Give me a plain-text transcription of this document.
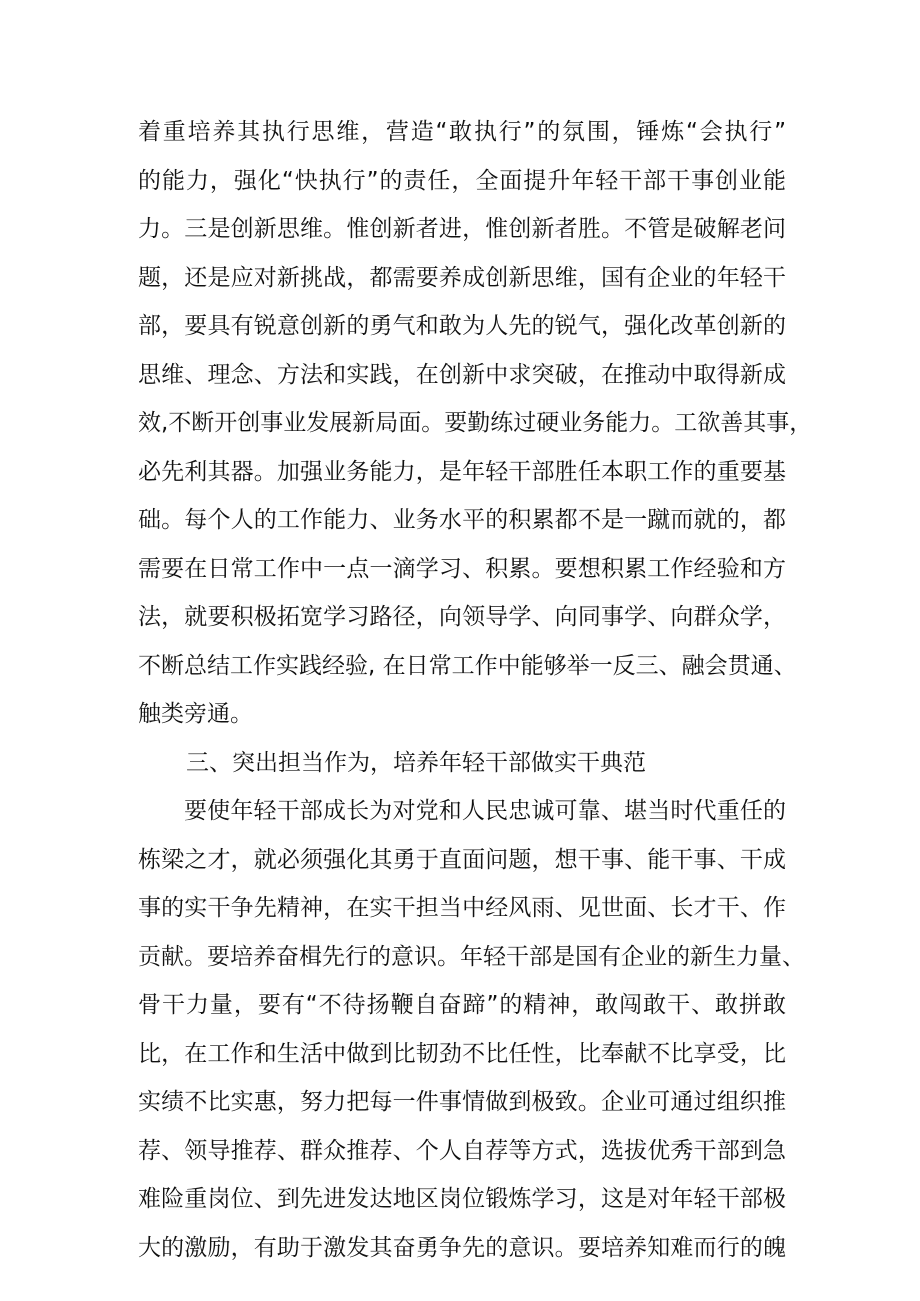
着重培养其执行思维，营造“敢执行”的氛围，锤炼“会执行”
的能力，强化“快执行”的责任，全面提升年轻干部干事创业能
力。三是创新思维。惟创新者进，惟创新者胜。不管是破解老问
题，还是应对新挑战，都需要养成创新思维，国有企业的年轻干
部，要具有锐意创新的勇气和敢为人先的锐气，强化改革创新的
思维、理念、方法和实践，在创新中求突破，在推动中取得新成
效,不断开创事业发展新局面。要勤练过硬业务能力。工欲善其事，
必先利其器。加强业务能力，是年轻干部胜任本职工作的重要基
础。每个人的工作能力、业务水平的积累都不是一蹴而就的，都
需要在日常工作中一点一滴学习、积累。要想积累工作经验和方
法，就要积极拓宽学习路径，向领导学、向同事学、向群众学，
不断总结工作实践经验, 在日常工作中能够举一反三、融会贯通、
触类旁通。
三、突出担当作为，培养年轻干部做实干典范
要使年轻干部成长为对党和人民忠诚可靠、堪当时代重任的
栋梁之才，就必须强化其勇于直面问题，想干事、能干事、干成
事的实干争先精神，在实干担当中经风雨、见世面、长才干、作
贡献。要培养奋楫先行的意识。年轻干部是国有企业的新生力量、
骨干力量，要有“不待扬鞭自奋蹄”的精神，敢闯敢干、敢拼敢
比，在工作和生活中做到比韧劲不比任性，比奉献不比享受，比
实绩不比实惠，努力把每一件事情做到极致。企业可通过组织推
荐、领导推荐、群众推荐、个人自荐等方式，选拔优秀干部到急
难险重岗位、到先进发达地区岗位锻炼学习，这是对年轻干部极
大的激励，有助于激发其奋勇争先的意识。要培养知难而行的魄
